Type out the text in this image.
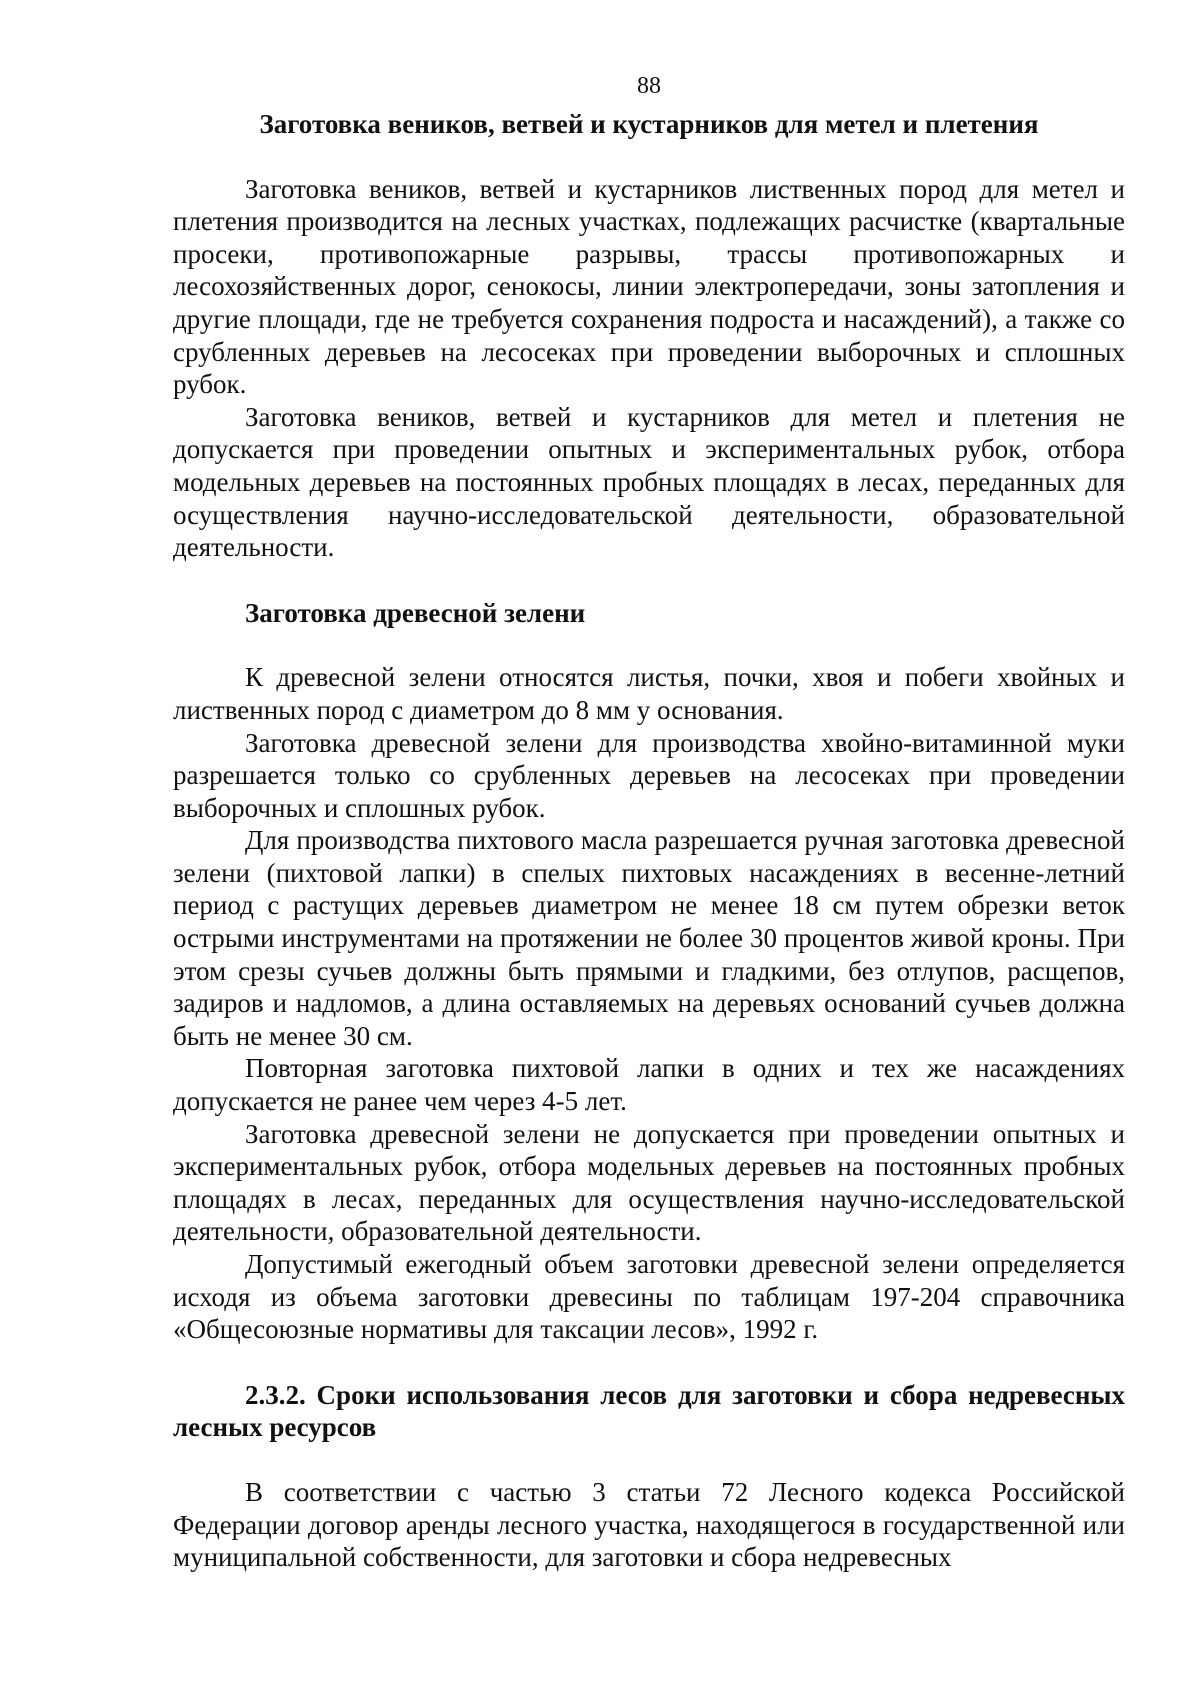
88
Заготовка веников, ветвей и кустарников для метел и плетения

Заготовка веников, ветвей и кустарников лиственных пород для метел и плетения производится на лесных участках, подлежащих расчистке (квартальные просеки, противопожарные разрывы, трассы противопожарных и лесохозяйственных дорог, сенокосы, линии электропередачи, зоны затопления и другие площади, где не требуется сохранения подроста и насаждений), а также со срубленных деревьев на лесосеках при проведении выборочных и сплошных рубок.

Заготовка веников, ветвей и кустарников для метел и плетения не допускается при проведении опытных и экспериментальных рубок, отбора модельных деревьев на постоянных пробных площадях в лесах, переданных для осуществления научно-исследовательской деятельности, образовательной деятельности.

Заготовка древесной зелени

К древесной зелени относятся листья, почки, хвоя и побеги хвойных и лиственных пород с диаметром до 8 мм у основания.

Заготовка древесной зелени для производства хвойно-витаминной муки разрешается только со срубленных деревьев на лесосеках при проведении выборочных и сплошных рубок.

Для производства пихтового масла разрешается ручная заготовка древесной зелени (пихтовой лапки) в спелых пихтовых насаждениях в весенне-летний период с растущих деревьев диаметром не менее 18 см путем обрезки веток острыми инструментами на протяжении не более 30 процентов живой кроны. При этом срезы сучьев должны быть прямыми и гладкими, без отлупов, расщепов, задиров и надломов, а длина оставляемых на деревьях оснований сучьев должна быть не менее 30 см.

Повторная заготовка пихтовой лапки в одних и тех же насаждениях допускается не ранее чем через 4-5 лет.

Заготовка древесной зелени не допускается при проведении опытных и экспериментальных рубок, отбора модельных деревьев на постоянных пробных площадях в лесах, переданных для осуществления научно-исследовательской деятельности, образовательной деятельности.

Допустимый ежегодный объем заготовки древесной зелени определяется исходя из объема заготовки древесины по таблицам 197-204 справочника «Общесоюзные нормативы для таксации лесов», 1992 г.

2.3.2. Сроки использования лесов для заготовки и сбора недревесных лесных ресурсов

В соответствии с частью 3 статьи 72 Лесного кодекса Российской Федерации договор аренды лесного участка, находящегося в государственной или муниципальной собственности, для заготовки и сбора недревесных
